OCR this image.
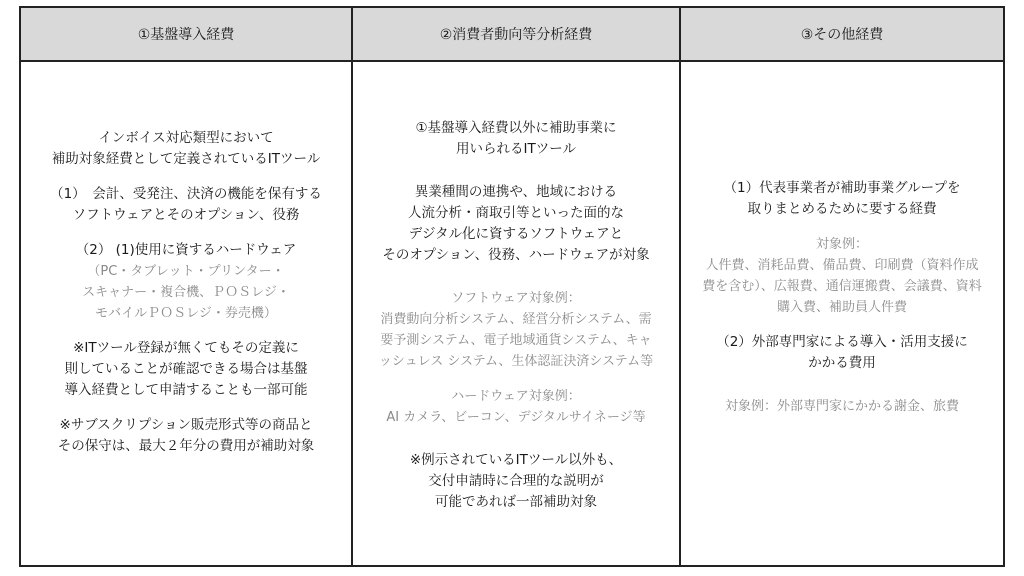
①基盤導入経費	②消費者動向等分析経費	③その他経費
インボイス対応類型において
補助対象経費として定義されているITツール
（1）　会計、受発注、決済の機能を保有する
ソフトウェアとそのオプション、役務
（2） (1)使用に資するハードウェア
（PC・タブレット・プリンター・
スキャナー・複合機、ＰＯＳレジ・
モバイルＰＯＳレジ・券売機）
※ITツール登録が無くてもその定義に
則していることが確認できる場合は基盤
導入経費として申請することも一部可能
※サブスクリプション販売形式等の商品と
その保守は、最大２年分の費用が補助対象
①基盤導入経費以外に補助事業に
用いられるITツール
異業種間の連携や、地域における
人流分析・商取引等といった面的な
デジタル化に資するソフトウェアと
そのオプション、役務、ハードウェアが対象
ソフトウェア対象例：
消費動向分析システム、経営分析システム、需
要予測システム、電子地域通貨システム、キャ
ッシュレス システム、生体認証決済システム等
ハードウェア対象例：
AI カメラ、ビーコン、デジタルサイネージ等
※例示されているITツール以外も、
交付申請時に合理的な説明が
可能であれば一部補助対象
（1）代表事業者が補助事業グループを
取りまとめるために要する経費
対象例：
人件費、消耗品費、備品費、印刷費（資料作成
費を含む）、広報費、通信運搬費、会議費、資料
購入費、補助員人件費
（2）外部専門家による導入・活用支援に
かかる費用
対象例：外部専門家にかかる謝金、旅費
